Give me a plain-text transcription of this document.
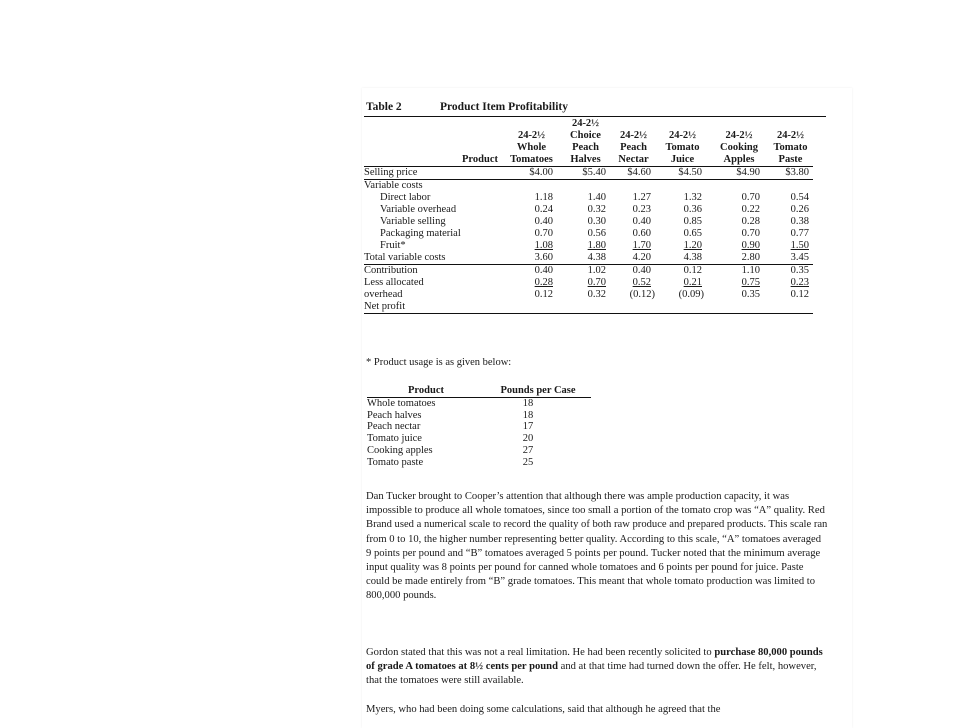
Table 2	Product Item Profitability
		24-2½				
	24-2½	Choice	24-2½	24-2½	24-2½	24-2½
	Whole	Peach	Peach	Tomato	Cooking	Tomato
Product	Tomatoes	Halves	Nectar	Juice	Apples	Paste
Selling price	$4.00	$5.40	$4.60	$4.50	$4.90	$3.80
Variable costs						
Direct labor	1.18	1.40	1.27	1.32	0.70	0.54
Variable overhead	0.24	0.32	0.23	0.36	0.22	0.26
Variable selling	0.40	0.30	0.40	0.85	0.28	0.38
Packaging material	0.70	0.56	0.60	0.65	0.70	0.77
Fruit*	1.08	1.80	1.70	1.20	0.90	1.50
Total variable costs	3.60	4.38	4.20	4.38	2.80	3.45
Contribution	0.40	1.02	0.40	0.12	1.10	0.35
Less allocated	0.28	0.70	0.52	0.21	0.75	0.23
overhead	0.12	0.32	(0.12)	(0.09)	0.35	0.12
Net profit						
* Product usage is as given below:
Product	Pounds per Case
Whole tomatoes	18
Peach halves	18
Peach nectar	17
Tomato juice	20
Cooking apples	27
Tomato paste	25

Dan Tucker brought to Cooper’s attention that although there was ample production capacity, it was impossible to produce all whole tomatoes, since too small a portion of the tomato crop was “A” quality. Red Brand used a numerical scale to record the quality of both raw produce and prepared products. This scale ran from 0 to 10, the higher number representing better quality. According to this scale, “A” tomatoes averaged 9 points per pound and “B” tomatoes averaged 5 points per pound. Tucker noted that the minimum average input quality was 8 points per pound for canned whole tomatoes and 6 points per pound for juice. Paste could be made entirely from “B” grade tomatoes. This meant that whole tomato production was limited to 800,000 pounds.

Gordon stated that this was not a real limitation. He had been recently solicited to purchase 80,000 pounds of grade A tomatoes at 8½ cents per pound and at that time had turned down the offer. He felt, however, that the tomatoes were still available.

Myers, who had been doing some calculations, said that although he agreed that the
